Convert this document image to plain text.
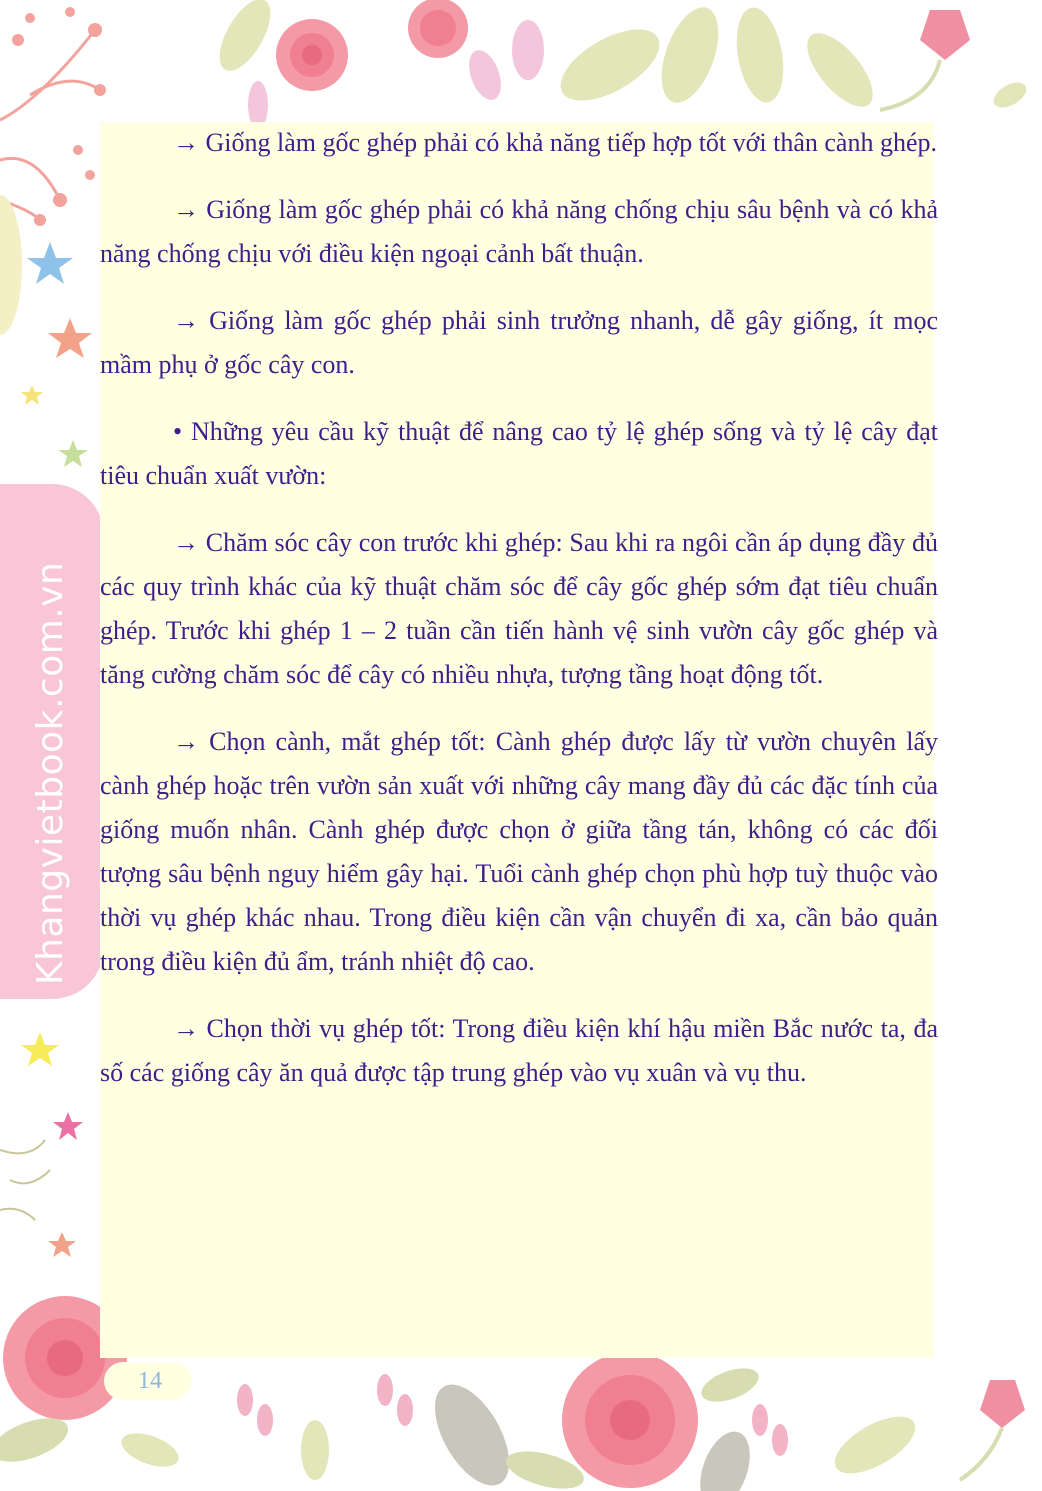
Khangvietbook.com.vn

→ Giống làm gốc ghép phải có khả năng tiếp hợp tốt với thân cành ghép.

→ Giống làm gốc ghép phải có khả năng chống chịu sâu bệnh và có khả năng chống chịu với điều kiện ngoại cảnh bất thuận.

→ Giống làm gốc ghép phải sinh trưởng nhanh, dễ gây giống, ít mọc mầm phụ ở gốc cây con.

• Những yêu cầu kỹ thuật để nâng cao tỷ lệ ghép sống và tỷ lệ cây đạt tiêu chuẩn xuất vườn:

→ Chăm sóc cây con trước khi ghép: Sau khi ra ngôi cần áp dụng đầy đủ các quy trình khác của kỹ thuật chăm sóc để cây gốc ghép sớm đạt tiêu chuẩn ghép. Trước khi ghép 1 – 2 tuần cần tiến hành vệ sinh vườn cây gốc ghép và tăng cường chăm sóc để cây có nhiều nhựa, tượng tầng hoạt động tốt.

→ Chọn cành, mắt ghép tốt: Cành ghép được lấy từ vườn chuyên lấy cành ghép hoặc trên vườn sản xuất với những cây mang đầy đủ các đặc tính của giống muốn nhân. Cành ghép được chọn ở giữa tầng tán, không có các đối tượng sâu bệnh nguy hiểm gây hại. Tuổi cành ghép chọn phù hợp tuỳ thuộc vào thời vụ ghép khác nhau. Trong điều kiện cần vận chuyển đi xa, cần bảo quản trong điều kiện đủ ẩm, tránh nhiệt độ cao.

→ Chọn thời vụ ghép tốt: Trong điều kiện khí hậu miền Bắc nước ta, đa số các giống cây ăn quả được tập trung ghép vào vụ xuân và vụ thu.

14
